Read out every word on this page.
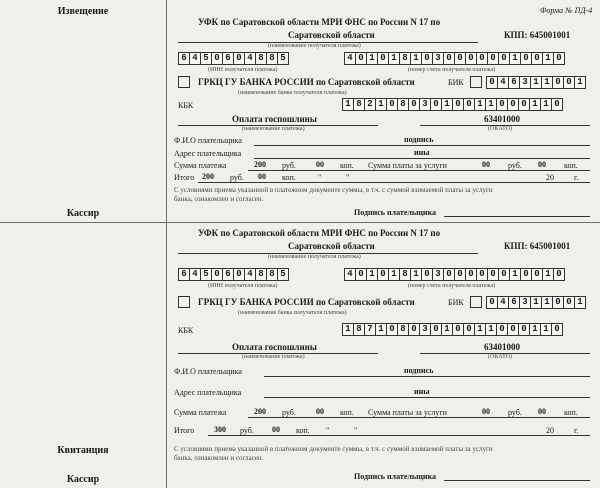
Извещение
Кассир
Квитанция
Кассир
Форма № ПД-4
УФК по Саратовской области МРИ ФНС по России N 17 по
КПП: 645001001
Саратовской области
(наименование получателя платежа)
6 4 5 0 6 0 4 8 8 5	4 0 1 0 1 8 1 0 3 0 0 0 0 0 0 1 0 0 1 0
(ИНН получателя платежа)	(номер счета получателя платежа)
ГРКЦ ГУ БАНКА РОССИИ по Саратовской области	БИК	0 4 6 3 1 1 0 0 1
(наименование банка получателя платежа)
КБК	1 8 2 1 0 8 0 3 0 1 0 0 1 1 0 0 0 1 1 0
Оплата госпошлины	63401000
(наименование платежа)	(ОКАТО)
Ф.И.О плательщика	подпись
Адрес плательщика	ины
Сумма платежа	200 руб.	00 коп. Сумма платы за услуги	00 руб. 00 коп.
Итого 200 руб. 00 коп.	"	"	20	г.
С условиями приема указанной в платежном документе суммы, в т.ч. с суммой взимаемой платы за услуги
банка, ознакомлен и согласен.
Подпись плательщика
УФК по Саратовской области МРИ ФНС по России N 17 по
КПП: 645001001
Саратовской области
(наименование получателя платежа)
6 4 5 0 6 0 4 8 8 5	4 0 1 0 1 8 1 0 3 0 0 0 0 0 0 1 0 0 1 0
(ИНН получателя платежа)	(номер счета получателя платежа)
ГРКЦ ГУ БАНКА РОССИИ по Саратовской области	БИК	0 4 6 3 1 1 0 0 1
(наименование банка получателя платежа)
КБК	1 8 7 1 0 8 0 3 0 1 0 0 1 1 0 0 0 1 1 0
Оплата госпошлины	63401000
(наименование платежа)	(ОКАТО)
Ф.И.О плательщика	подпись
Адрес плательщика	ины
Сумма платежа	200 руб.	00 коп. Сумма платы за услуги	00 руб. 00 коп.
Итого 300 руб. 00 коп. "	"	20	г.
С условиями приема указанной в платежном документе суммы, в т.ч. с суммой взимаемой платы за услуги
банка, ознакомлен и согласен.
Подпись плательщика
